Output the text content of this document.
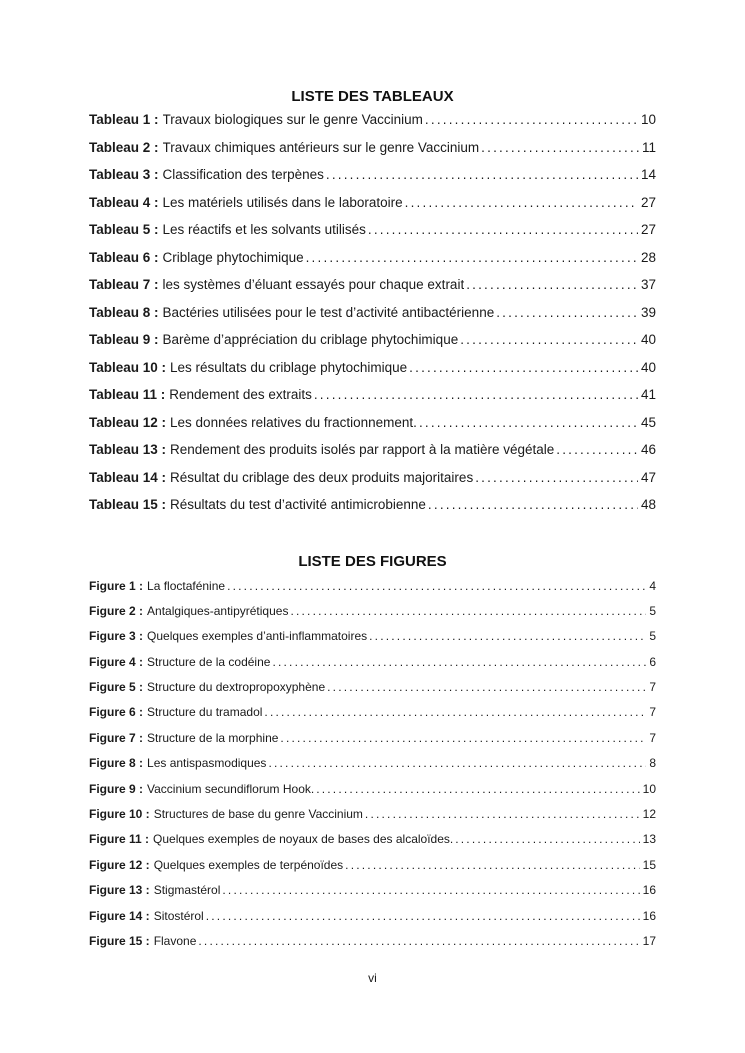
LISTE DES TABLEAUX
Tableau 1 : Travaux biologiques sur le genre Vaccinium .....	10
Tableau 2 : Travaux chimiques antérieurs sur le genre Vaccinium .....	11
Tableau 3 : Classification des terpènes .....	14
Tableau 4 : Les matériels utilisés dans le laboratoire .....	27
Tableau 5 : Les réactifs et les solvants utilisés .....	27
Tableau 6 : Criblage phytochimique .....	28
Tableau 7 : les systèmes d’éluant essayés pour chaque extrait .....	37
Tableau 8 : Bactéries utilisées pour le test d’activité antibactérienne .....	39
Tableau 9 : Barème d’appréciation du criblage phytochimique .....	40
Tableau 10 : Les résultats du criblage phytochimique .....	40
Tableau 11 : Rendement des extraits .....	41
Tableau 12 : Les données relatives du fractionnement. .....	45
Tableau 13 : Rendement des produits isolés par rapport à la matière végétale .....	46
Tableau 14 : Résultat du criblage des deux produits majoritaires .....	47
Tableau 15 : Résultats du test d’activité antimicrobienne .....	48
LISTE DES FIGURES
Figure 1 : La floctafénine .....	4
Figure 2 : Antalgiques-antipyrétiques .....	5
Figure 3 : Quelques exemples d’anti-inflammatoires .....	5
Figure 4 : Structure de la codéine .....	6
Figure 5 : Structure du dextropropoxyphène .....	7
Figure 6 : Structure du tramadol .....	7
Figure 7 : Structure de la morphine .....	7
Figure 8 : Les antispasmodiques .....	8
Figure 9 : Vaccinium secundiflorum Hook. .....	10
Figure 10 : Structures de base du genre Vaccinium .....	12
Figure 11 : Quelques exemples de noyaux de bases des alcaloïdes. .....	13
Figure 12 : Quelques exemples de terpénoïdes .....	15
Figure 13 : Stigmastérol .....	16
Figure 14 : Sitostérol .....	16
Figure 15 : Flavone .....	17
vi
